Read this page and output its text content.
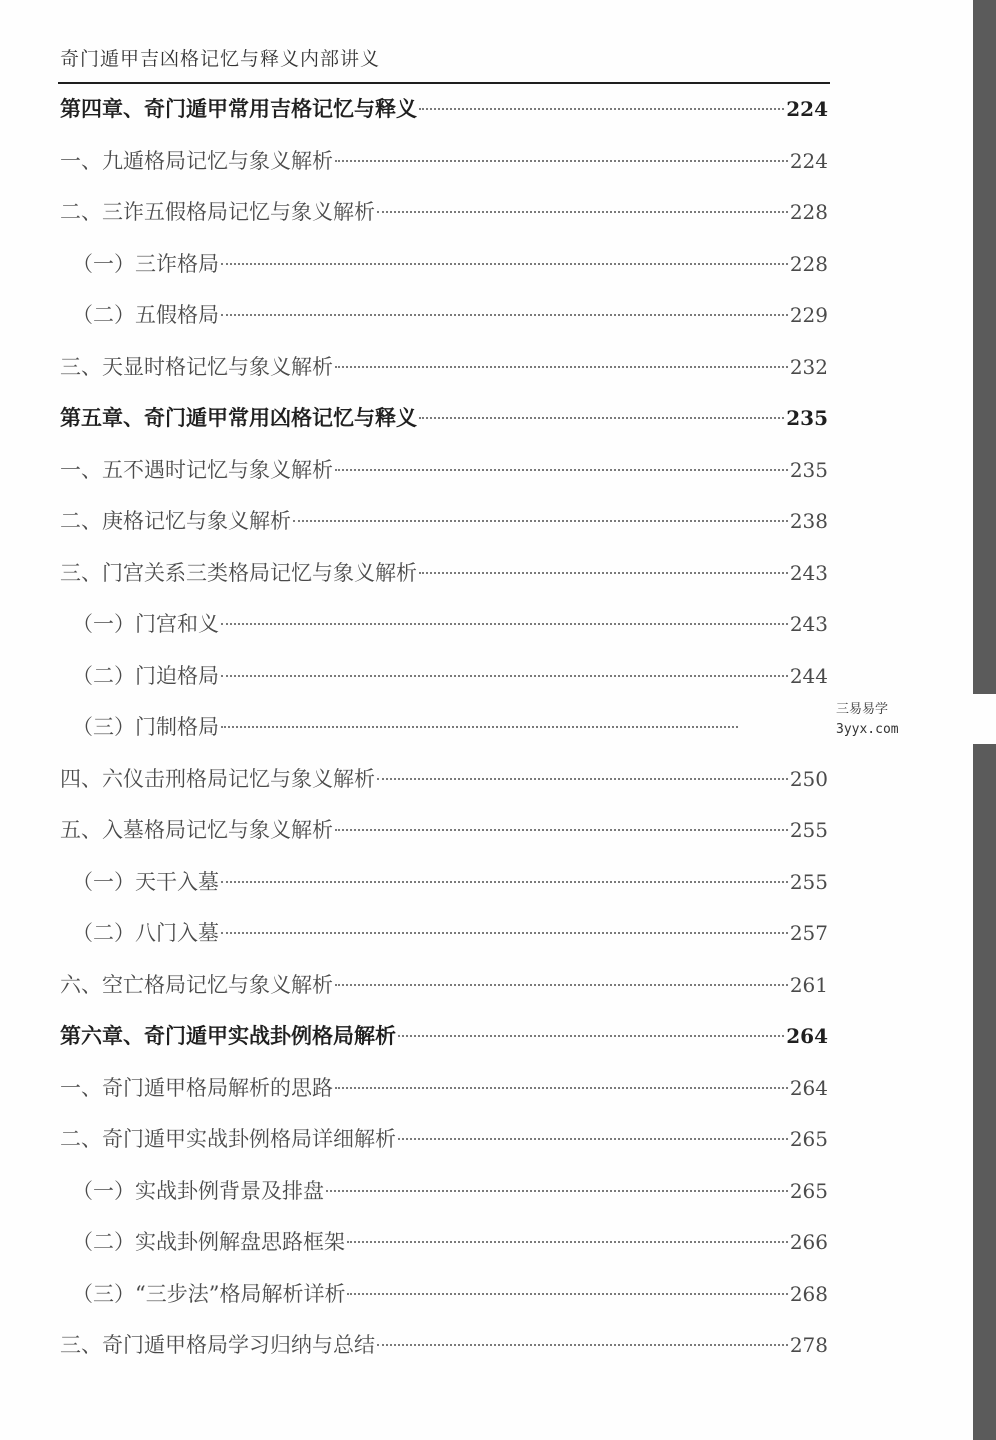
奇门遁甲吉凶格记忆与释义内部讲义
第四章、奇门遁甲常用吉格记忆与释义	224
一、九遁格局记忆与象义解析	224
二、三诈五假格局记忆与象义解析	228
（一）三诈格局	228
（二）五假格局	229
三、天显时格记忆与象义解析	232
第五章、奇门遁甲常用凶格记忆与释义	235
一、五不遇时记忆与象义解析	235
二、庚格记忆与象义解析	238
三、门宫关系三类格局记忆与象义解析	243
（一）门宫和义	243
（二）门迫格局	244
（三）门制格局
四、六仪击刑格局记忆与象义解析	250
五、入墓格局记忆与象义解析	255
（一）天干入墓	255
（二）八门入墓	257
六、空亡格局记忆与象义解析	261
第六章、奇门遁甲实战卦例格局解析	264
一、奇门遁甲格局解析的思路	264
二、奇门遁甲实战卦例格局详细解析	265
（一）实战卦例背景及排盘	265
（二）实战卦例解盘思路框架	266
（三）“三步法”格局解析详析	268
三、奇门遁甲格局学习归纳与总结	278
三易易学
3yyx.com
